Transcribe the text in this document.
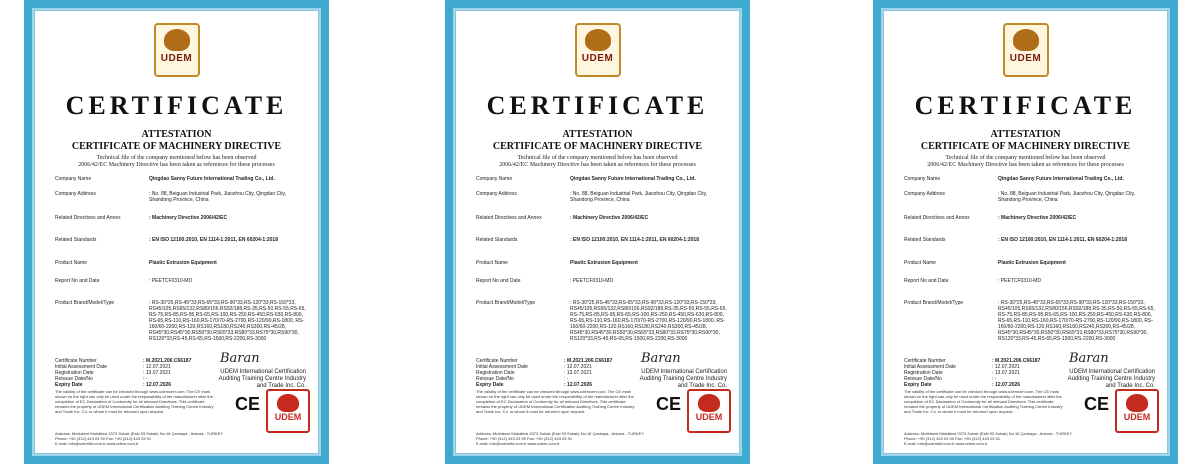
UDEM
CERTIFICATE
ATTESTATION
CERTIFICATE OF MACHINERY DIRECTIVE
Technical file of the company mentioned below has been observed
2006/42/EC Machinery Directive has been taken as references for these processes
Company Name	Qingdao Sanny Future International Trading Co., Ltd.
Company Address	: No. 88, Beiguan Industrial Park, Jiaozhou City, Qingdao City, Shandong Province, China
Related Directives and Annex	: Machinery Directive 2006/42/EC
Related Standards	: EN ISO 12100:2010, EN 1114-1:2011, EN 60204-1:2018
Product Name	Plastic Extrusion Equipment
Report No and Date	: PEETCF0310-MD
Product Brand/Model/Type	: RS-30*25,RS-45*33,RS-65*33,RS-90*33,RS-120*33,RS-150*33, RS45/105,RS65/132,RS80/156,RS92/188,RS-35,RS-50,RS-55,RS-65, RS-75,RS-85,RS-95,RS-65,RS-100,RS-250,RS-450,RS-630,RS-800, RS-65,RS-110,RS-160,RS-170/70-RS-2700,RS-120/90,RS-1800, RS-160/60-2200,RS-120,RS160,RS180,RS240,RS300,RS-45/28, RS45*30,RS45*30,RS50*30,RS65*33,RS80*33,RS75*30,RS90*30, RS120*33,RS-45,RS-65,RS-1500,RS-2200,RS-3000
Certificate Number	: M.2021.206.C66187
Initial Assessment Date	: 12.07.2021
Registration Date	: 13.07.2021
Reissue Date/No	: -
Expiry Date	: 12.07.2026
Baran
UDEM International Certification
Auditing Training Centre Industry
and Trade Inc. Co.
The validity of the certificate can be checked through www.udemcert.com. The CE mark shown on the right can only be used under the responsibility of the manufacturer after the completion of EC Declaration of Conformity for all relevant Directives. This certificate remains the property of UDEM International Certification Auditing Training Centre Industry and Trade Inc. Co. to whom it must be returned upon request.	CE
UDEM
Address: Mutlukent Mahallesi 2073 Sokak (Eski 93 Sokak) No:16 Çankaya - Ankara - TURKEY
Phone: +90 (312) 443 03 90 Fax: +90 (312) 443 03 91
E-mail: info@udemltd.com.tr www.udem.com.tr
UDEM
CERTIFICATE
ATTESTATION
CERTIFICATE OF MACHINERY DIRECTIVE
Technical file of the company mentioned below has been observed
2006/42/EC Machinery Directive has been taken as references for these processes
Company Name	Qingdao Sanny Future International Trading Co., Ltd.
Company Address	: No. 88, Beiguan Industrial Park, Jiaozhou City, Qingdao City, Shandong Province, China
Related Directives and Annex	: Machinery Directive 2006/42/EC
Related Standards	: EN ISO 12100:2010, EN 1114-1:2011, EN 60204-1:2018
Product Name	Plastic Extrusion Equipment
Report No and Date	: PEETCF0310-MD
Product Brand/Model/Type	: RS-30*25,RS-45*33,RS-65*33,RS-90*33,RS-120*33,RS-150*33, RS45/105,RS65/132,RS80/156,RS92/188,RS-35,RS-50,RS-55,RS-65, RS-75,RS-85,RS-95,RS-65,RS-100,RS-250,RS-450,RS-630,RS-800, RS-65,RS-110,RS-160,RS-170/70-RS-2700,RS-120/90,RS-1800, RS-160/60-2200,RS-120,RS160,RS180,RS240,RS300,RS-45/28, RS45*30,RS45*30,RS50*30,RS65*33,RS80*33,RS75*30,RS90*30, RS120*33,RS-45,RS-65,RS-1500,RS-2200,RS-3000
Certificate Number	: M.2021.206.C66187
Initial Assessment Date	: 12.07.2021
Registration Date	: 13.07.2021
Reissue Date/No	: -
Expiry Date	: 12.07.2026
Baran
UDEM International Certification
Auditing Training Centre Industry
and Trade Inc. Co.
The validity of the certificate can be checked through www.udemcert.com. The CE mark shown on the right can only be used under the responsibility of the manufacturer after the completion of EC Declaration of Conformity for all relevant Directives. This certificate remains the property of UDEM International Certification Auditing Training Centre Industry and Trade Inc. Co. to whom it must be returned upon request.	CE
UDEM
Address: Mutlukent Mahallesi 2073 Sokak (Eski 93 Sokak) No:16 Çankaya - Ankara - TURKEY
Phone: +90 (312) 443 03 90 Fax: +90 (312) 443 03 91
E-mail: info@udemltd.com.tr www.udem.com.tr
UDEM
CERTIFICATE
ATTESTATION
CERTIFICATE OF MACHINERY DIRECTIVE
Technical file of the company mentioned below has been observed
2006/42/EC Machinery Directive has been taken as references for these processes
Company Name	Qingdao Sanny Future International Trading Co., Ltd.
Company Address	: No. 88, Beiguan Industrial Park, Jiaozhou City, Qingdao City, Shandong Province, China
Related Directives and Annex	: Machinery Directive 2006/42/EC
Related Standards	: EN ISO 12100:2010, EN 1114-1:2011, EN 60204-1:2018
Product Name	Plastic Extrusion Equipment
Report No and Date	: PEETCF0310-MD
Product Brand/Model/Type	: RS-30*25,RS-45*33,RS-65*33,RS-90*33,RS-120*33,RS-150*33, RS45/105,RS65/132,RS80/156,RS92/188,RS-35,RS-50,RS-55,RS-65, RS-75,RS-85,RS-95,RS-65,RS-100,RS-250,RS-450,RS-630,RS-800, RS-65,RS-110,RS-160,RS-170/70-RS-2700,RS-120/90,RS-1800, RS-160/60-2200,RS-120,RS160,RS180,RS240,RS300,RS-45/28, RS45*30,RS45*30,RS50*30,RS65*33,RS80*33,RS75*30,RS90*30, RS120*33,RS-45,RS-65,RS-1500,RS-2200,RS-3000
Certificate Number	: M.2021.206.C66187
Initial Assessment Date	: 12.07.2021
Registration Date	: 13.07.2021
Reissue Date/No	: -
Expiry Date	: 12.07.2026
Baran
UDEM International Certification
Auditing Training Centre Industry
and Trade Inc. Co.
The validity of the certificate can be checked through www.udemcert.com. The CE mark shown on the right can only be used under the responsibility of the manufacturer after the completion of EC Declaration of Conformity for all relevant Directives. This certificate remains the property of UDEM International Certification Auditing Training Centre Industry and Trade Inc. Co. to whom it must be returned upon request.	CE
UDEM
Address: Mutlukent Mahallesi 2073 Sokak (Eski 93 Sokak) No:16 Çankaya - Ankara - TURKEY
Phone: +90 (312) 443 03 90 Fax: +90 (312) 443 03 91
E-mail: info@udemltd.com.tr www.udem.com.tr
